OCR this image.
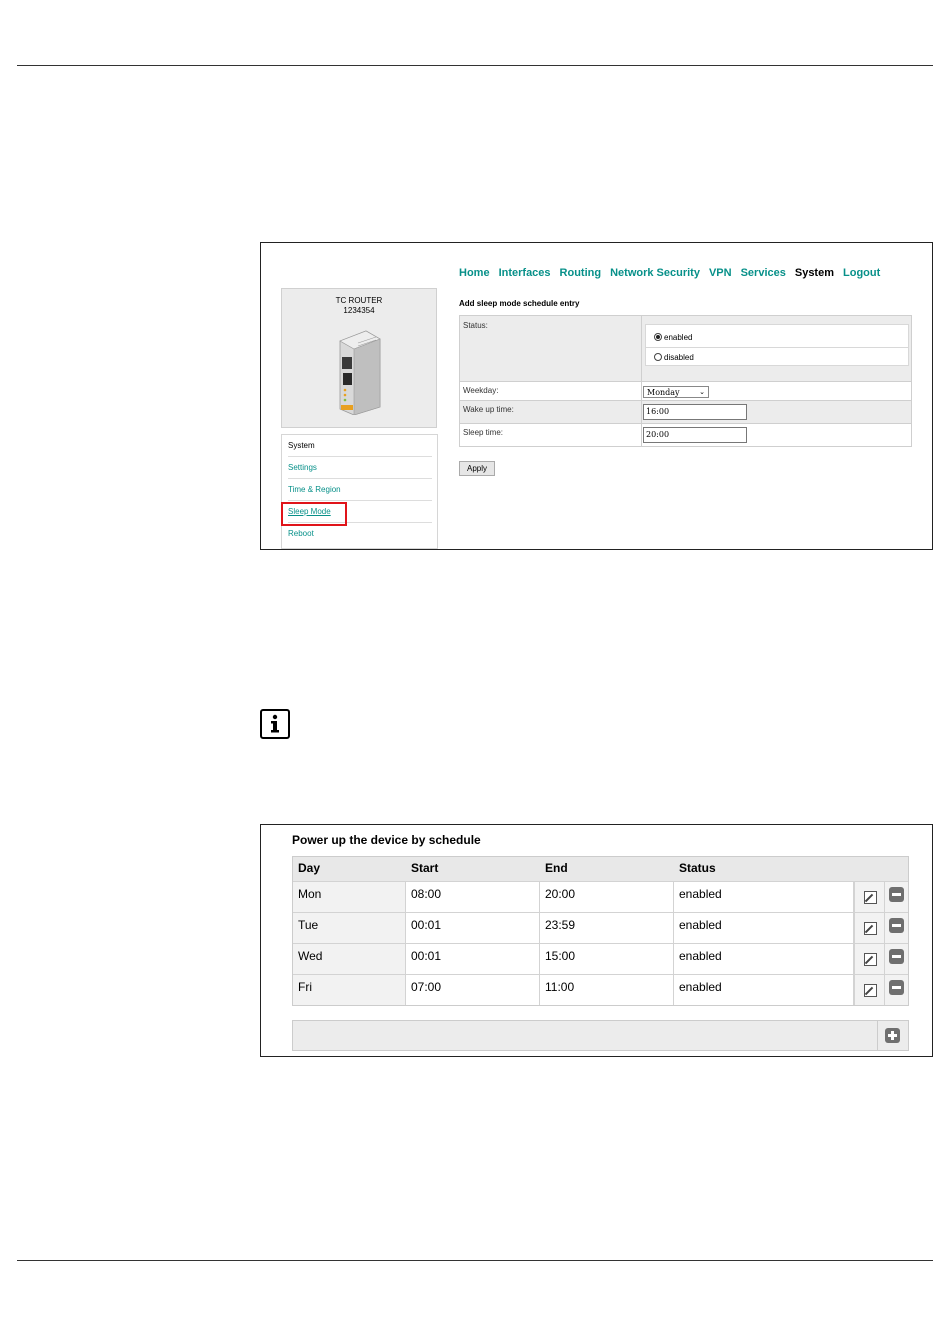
Home Interfaces Routing Network Security VPN Services System Logout
TC ROUTER
1234354
System
Settings
Time & Region
Sleep Mode
Reboot
Add sleep mode schedule entry
Status:
enabled
disabled
Weekday:	Monday	⌄
Wake up time:	16:00
Sleep time:	20:00
Apply
Power up the device by schedule
Day	Start	End	Status
Mon	08:00	20:00	enabled
Tue	00:01	23:59	enabled
Wed	00:01	15:00	enabled
Fri	07:00	11:00	enabled
